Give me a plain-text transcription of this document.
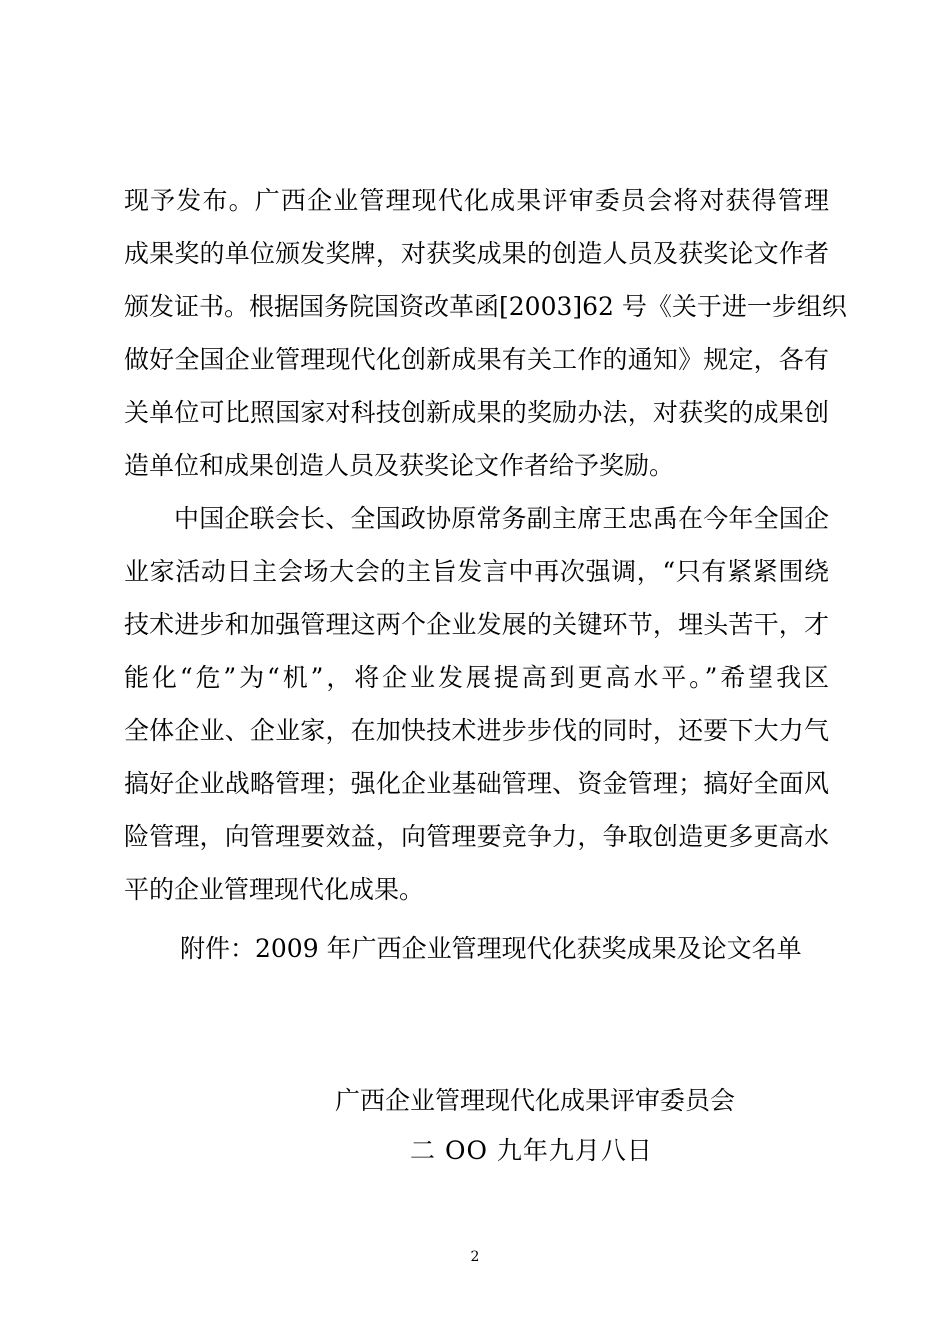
现予发布。广西企业管理现代化成果评审委员会将对获得管理
成果奖的单位颁发奖牌，对获奖成果的创造人员及获奖论文作者
颁发证书。根据国务院国资改革函[2003]62 号《关于进一步组织
做好全国企业管理现代化创新成果有关工作的通知》规定，各有
关单位可比照国家对科技创新成果的奖励办法，对获奖的成果创
造单位和成果创造人员及获奖论文作者给予奖励。
中国企联会长、全国政协原常务副主席王忠禹在今年全国企
业家活动日主会场大会的主旨发言中再次强调，“只有紧紧围绕
技术进步和加强管理这两个企业发展的关键环节，埋头苦干，才
能化“危”为“机”，将企业发展提高到更高水平。”希望我区
全体企业、企业家，在加快技术进步步伐的同时，还要下大力气
搞好企业战略管理；强化企业基础管理、资金管理；搞好全面风
险管理，向管理要效益，向管理要竞争力，争取创造更多更高水
平的企业管理现代化成果。
附件：2009 年广西企业管理现代化获奖成果及论文名单
广西企业管理现代化成果评审委员会
二 OO 九年九月八日
2
